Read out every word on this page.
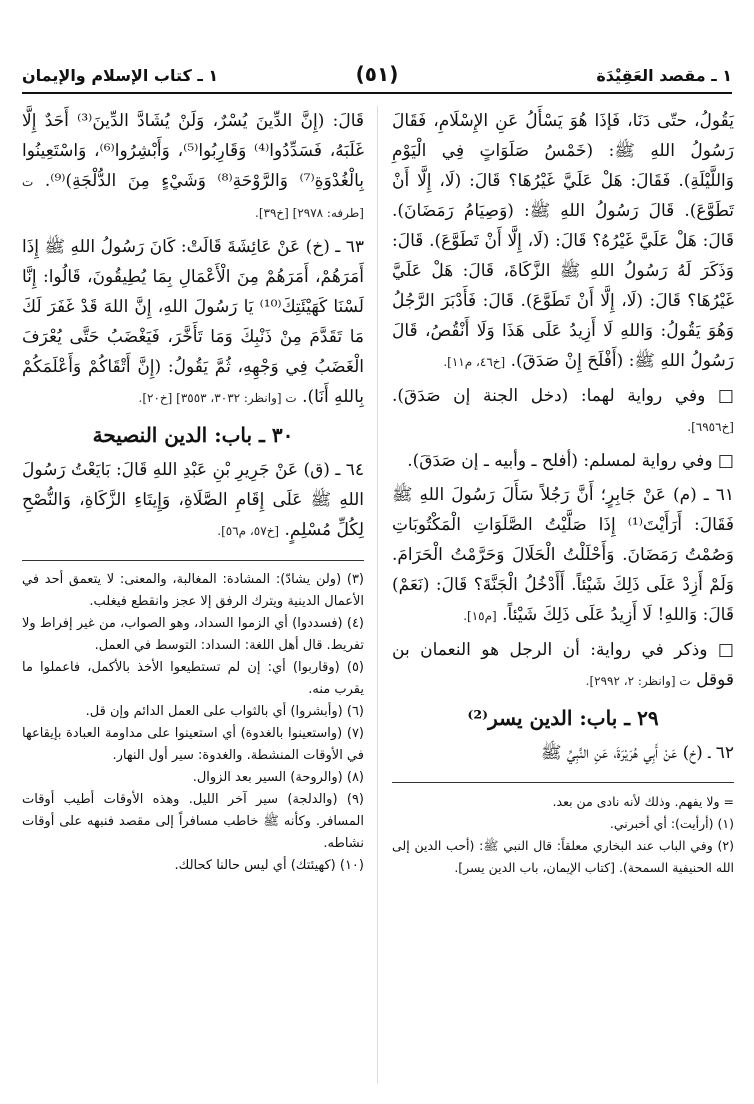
١ ـ مقصد العَقِيْدَة
(٥١)
١ ـ كتاب الإسلام والإيمان

يَقُولُ، حتّى دَنَا، فَإذَا هُوَ يَسْأَلُ عَنِ الإِسْلَامِ، فَقَالَ رَسُولُ اللهِ ﷺ: (خَمْسُ صَلَوَاتٍ فِي الْيَوْمِ وَاللَّيْلَةِ). فَقَالَ: هَلْ عَلَيَّ غَيْرُهَا؟ قَالَ: (لَا، إِلَّا أَنْ تَطَوَّعَ). قَالَ رَسُولُ اللهِ ﷺ: (وَصِيَامُ رَمَضَانَ). قَالَ: هَلْ عَلَيَّ غَيْرُهُ؟ قَالَ: (لَا، إِلَّا أَنْ تَطَوَّعَ). قَالَ: وَذَكَرَ لَهُ رَسُولُ اللهِ ﷺ الزَّكَاةَ، قَالَ: هَلْ عَلَيَّ غَيْرُهَا؟ قَالَ: (لَا، إِلَّا أَنْ تَطَوَّعَ). قَالَ: فَأَدْبَرَ الرَّجُلُ وَهُوَ يَقُولُ: وَاللهِ لَا أَزِيدُ عَلَى هَذَا وَلَا أَنْقُصُ، قَالَ رَسُولُ اللهِ ﷺ: (أَفْلَحَ إِنْ صَدَقَ). [خ٤٦، م١١].

□ وفي رواية لهما: (دخل الجنة إن صَدَقَ). [خ٦٩٥٦].

□ وفي رواية لمسلم: (أفلح ـ وأبيه ـ إن صَدَقَ).

٦١ ـ (م) عَنْ جَابِرٍ؛ أَنَّ رَجُلاً سَأَلَ رَسُولَ اللهِ ﷺ فَقَالَ: أَرَأَيْتَ⁽¹⁾ إِذَا صَلَّيْتُ الصَّلَوَاتِ الْمَكْتُوبَاتِ وَصُمْتُ رَمَضَانَ. وَأَحْلَلْتُ الْحَلَالَ وَحَرَّمْتُ الْحَرَامَ. وَلَمْ أَزِدْ عَلَى ذَلِكَ شَيْئاً. أَأَدْخُلُ الْجَنَّةَ؟ قَالَ: (نَعَمْ) قَالَ: وَاللهِ! لَا أَزِيدُ عَلَى ذَلِكَ شَيْئاً. [م١٥].

□ وذكر في رواية: أن الرجل هو النعمان بن قوقل ت [وانظر: ٢، ٢٩٩٢].

٢٩ ـ باب: الدين يسر⁽²⁾

٦٢ ـ (خ) عَنْ أَبِي هُرَيْرَةَ، عَنِ النَّبِيِّ ﷺ

= ولا يفهم. وذلك لأنه نادى من بعد.

(١) (أرأيت): أي أخبرني.

(٢) وفي الباب عند البخاري معلقاً: قال النبي ﷺ: (أحب الدين إلى الله الحنيفية السمحة). [كتاب الإيمان، باب الدين يسر].

قَالَ: (إِنَّ الدِّينَ يُسْرٌ، وَلَنْ يُشَادَّ الدِّينَ⁽³⁾ أَحَدٌ إِلَّا غَلَبَهُ، فَسَدِّدُوا⁽⁴⁾ وَقَارِبُوا⁽⁵⁾، وَأَبْشِرُوا⁽⁶⁾، وَاسْتَعِينُوا بِالْغُدْوَةِ⁽⁷⁾ وَالرَّوْحَةِ⁽⁸⁾ وَشَيْءٍ مِنَ الدُّلْجَةِ)⁽⁹⁾. ت [طرفه: ٢٩٧٨] [خ٣٩].

٦٣ ـ (خ) عَنْ عَائِشَةَ قَالَتْ: كَانَ رَسُولُ اللهِ ﷺ إِذَا أَمَرَهُمْ، أَمَرَهُمْ مِنَ الْأَعْمَالِ بِمَا يُطِيقُونَ، قَالُوا: إِنَّا لَسْنَا كَهَيْئَتِكَ⁽¹⁰⁾ يَا رَسُولَ اللهِ، إِنَّ اللهَ قَدْ غَفَرَ لَكَ مَا تَقَدَّمَ مِنْ ذَنْبِكَ وَمَا تَأَخَّرَ، فَيَغْضَبُ حَتَّى يُعْرَفَ الْغَضَبُ فِي وَجْهِهِ، ثُمَّ يَقُولُ: (إِنَّ أَتْقَاكُمْ وَأَعْلَمَكُمْ بِاللهِ أَنَا). ت [وانظر: ٣٠٣٢، ٣٥٥٣] [خ٢٠].

٣٠ ـ باب: الدين النصيحة

٦٤ ـ (ق) عَنْ جَرِيرِ بْنِ عَبْدِ اللهِ قَالَ: بَايَعْتُ رَسُولَ اللهِ ﷺ عَلَى إِقَامِ الصَّلَاةِ، وَإِيتَاءِ الزَّكَاةِ، وَالنُّصْحِ لِكُلِّ مُسْلِمٍ. [خ٥٧، م٥٦].

(٣) (ولن يشادّ): المشادة: المغالبة، والمعنى: لا يتعمق أحد في الأعمال الدينية ويترك الرفق إلا عجز وانقطع فيغلب.

(٤) (فسددوا) أي الزموا السداد، وهو الصواب، من غير إفراط ولا تفريط. قال أهل اللغة: السداد: التوسط في العمل.

(٥) (وقاربوا) أي: إن لم تستطيعوا الأخذ بالأكمل، فاعملوا ما يقرب منه.

(٦) (وأبشروا) أي بالثواب على العمل الدائم وإن قل.

(٧) (واستعينوا بالغدوة) أي استعينوا على مداومة العبادة بإيقاعها في الأوقات المنشطة. والغدوة: سير أول النهار.

(٨) (والروحة) السير بعد الزوال.

(٩) (والدلجة) سير آخر الليل. وهذه الأوقات أطيب أوقات المسافر. وكأنه ﷺ خاطب مسافراً إلى مقصد فنبهه على أوقات نشاطه.

(١٠) (كهيئتك) أي ليس حالنا كحالك.
